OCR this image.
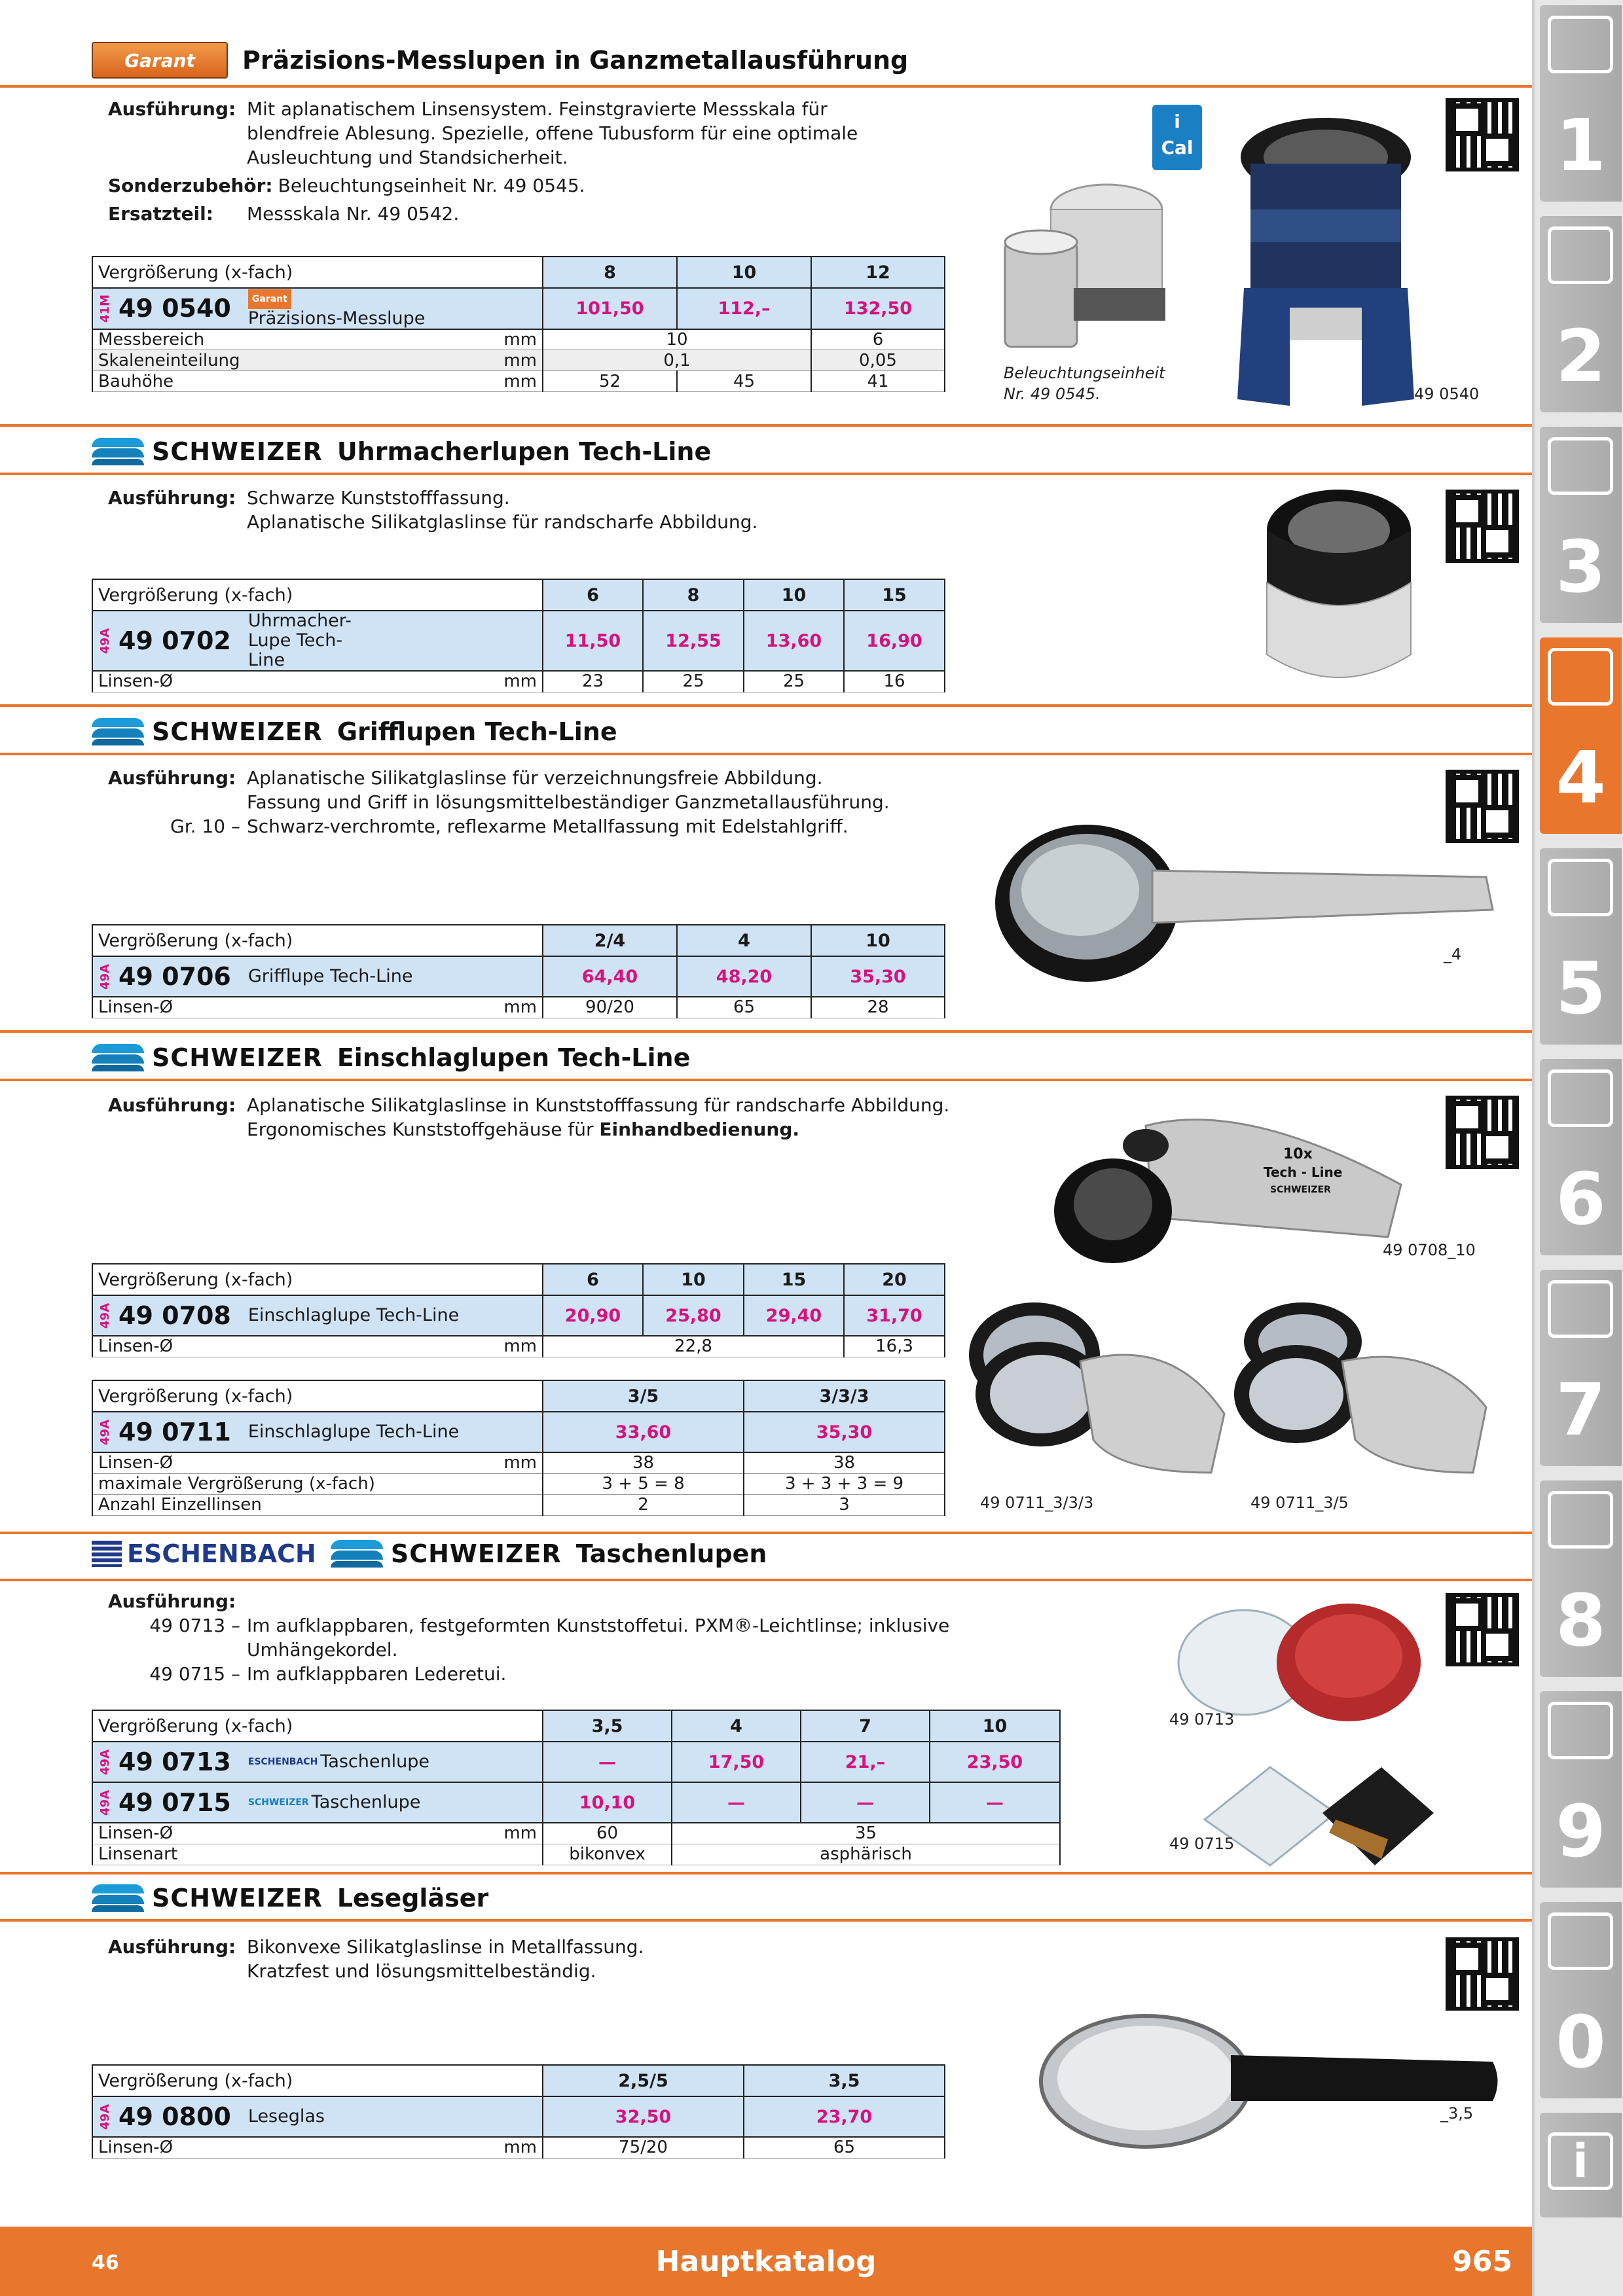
Garant	Präzisions-Messlupen in Ganzmetallausführung
Ausführung: Mit aplanatischem Linsensystem. Feinstgravierte Messskala für blendfreie Ablesung. Spezielle, offene Tubusform für eine optimale Ausleuchtung und Standsicherheit.
Sonderzubehör: Beleuchtungseinheit Nr. 49 0545.
Ersatzteil:	Messskala Nr. 49 0542.
Vergrößerung (x-fach)		8	10	12

41M 49 0540 Garant
Präzisions-Messlupe		101,50	112,–	132,50
Messbereich	mm	10		6
Skaleneinteilung	mm	0,1		0,05
Bauhöhe	mm	52	45	41
i
Cal
Beleuchtungseinheit
Nr. 49 0545.	49 0540
SCHWEIZER Uhrmacherlupen Tech-Line
Ausführung: Schwarze Kunststofffassung.
Aplanatische Silikatglaslinse für randscharfe Abbildung.
Vergrößerung (x-fach)		6	8	10	15

49A 49 0702
Uhrmacher-Lupe Tech-Line		11,50	12,55	13,60	16,90
Linsen-Ø	mm	23	25	25	16
SCHWEIZER Grifflupen Tech-Line
Ausführung: Aplanatische Silikatglaslinse für verzeichnungsfreie Abbildung.
Fassung und Griff in lösungsmittelbeständiger Ganzmetallausführung.
Gr. 10 – Schwarz-verchromte, reflexarme Metallfassung mit Edelstahlgriff.
Vergrößerung (x-fach)		2/4	4	10

49A 49 0706 Grifflupe Tech-Line		64,40	48,20	35,30
Linsen-Ø	mm	90/20	65	28
_4
SCHWEIZER Einschlaglupen Tech-Line
Ausführung: Aplanatische Silikatglaslinse in Kunststofffassung für randscharfe Abbildung.
Ergonomisches Kunststoffgehäuse für Einhandbedienung.
Vergrößerung (x-fach)		6	10	15	20

49A 49 0708 Einschlaglupe Tech-Line		20,90	25,80	29,40	31,70
Linsen-Ø	mm	22,8			16,3
Vergrößerung (x-fach)		3/5	3/3/3

49A 49 0711 Einschlaglupe Tech-Line		33,60	35,30
Linsen-Ø	mm	38	38
maximale Vergrößerung (x-fach)		3 + 5 = 8	3 + 3 + 3 = 9
Anzahl Einzellinsen		2	3
10x
Tech - Line
SCHWEIZER
49 0708_10
49 0711_3/3/3	49 0711_3/5
ESCHENBACH	SCHWEIZER Taschenlupen
Ausführung:
49 0713 – Im aufklappbaren, festgeformten Kunststoffetui. PXM®-Leichtlinse; inklusive Umhängekordel.
49 0715 – Im aufklappbaren Lederetui.
Vergrößerung (x-fach)		3,5	4	7	10

49A 49 0713 ESCHENBACH Taschenlupe		—	17,50	21,–	23,50

49A 49 0715 SCHWEIZER Taschenlupe		10,10	—	—	—
Linsen-Ø	mm	60	35		
Linsenart		bikonvex	asphärisch		
49 0713
49 0715
SCHWEIZER Lesegläser
Ausführung: Bikonvexe Silikatglaslinse in Metallfassung.
Kratzfest und lösungsmittelbeständig.
Vergrößerung (x-fach)		2,5/5	3,5

49A 49 0800 Leseglas		32,50	23,70
Linsen-Ø	mm	75/20	65
_3,5
1
2
3
4
5
6
7
8
9
0
i
Hauptkatalog
46	965
